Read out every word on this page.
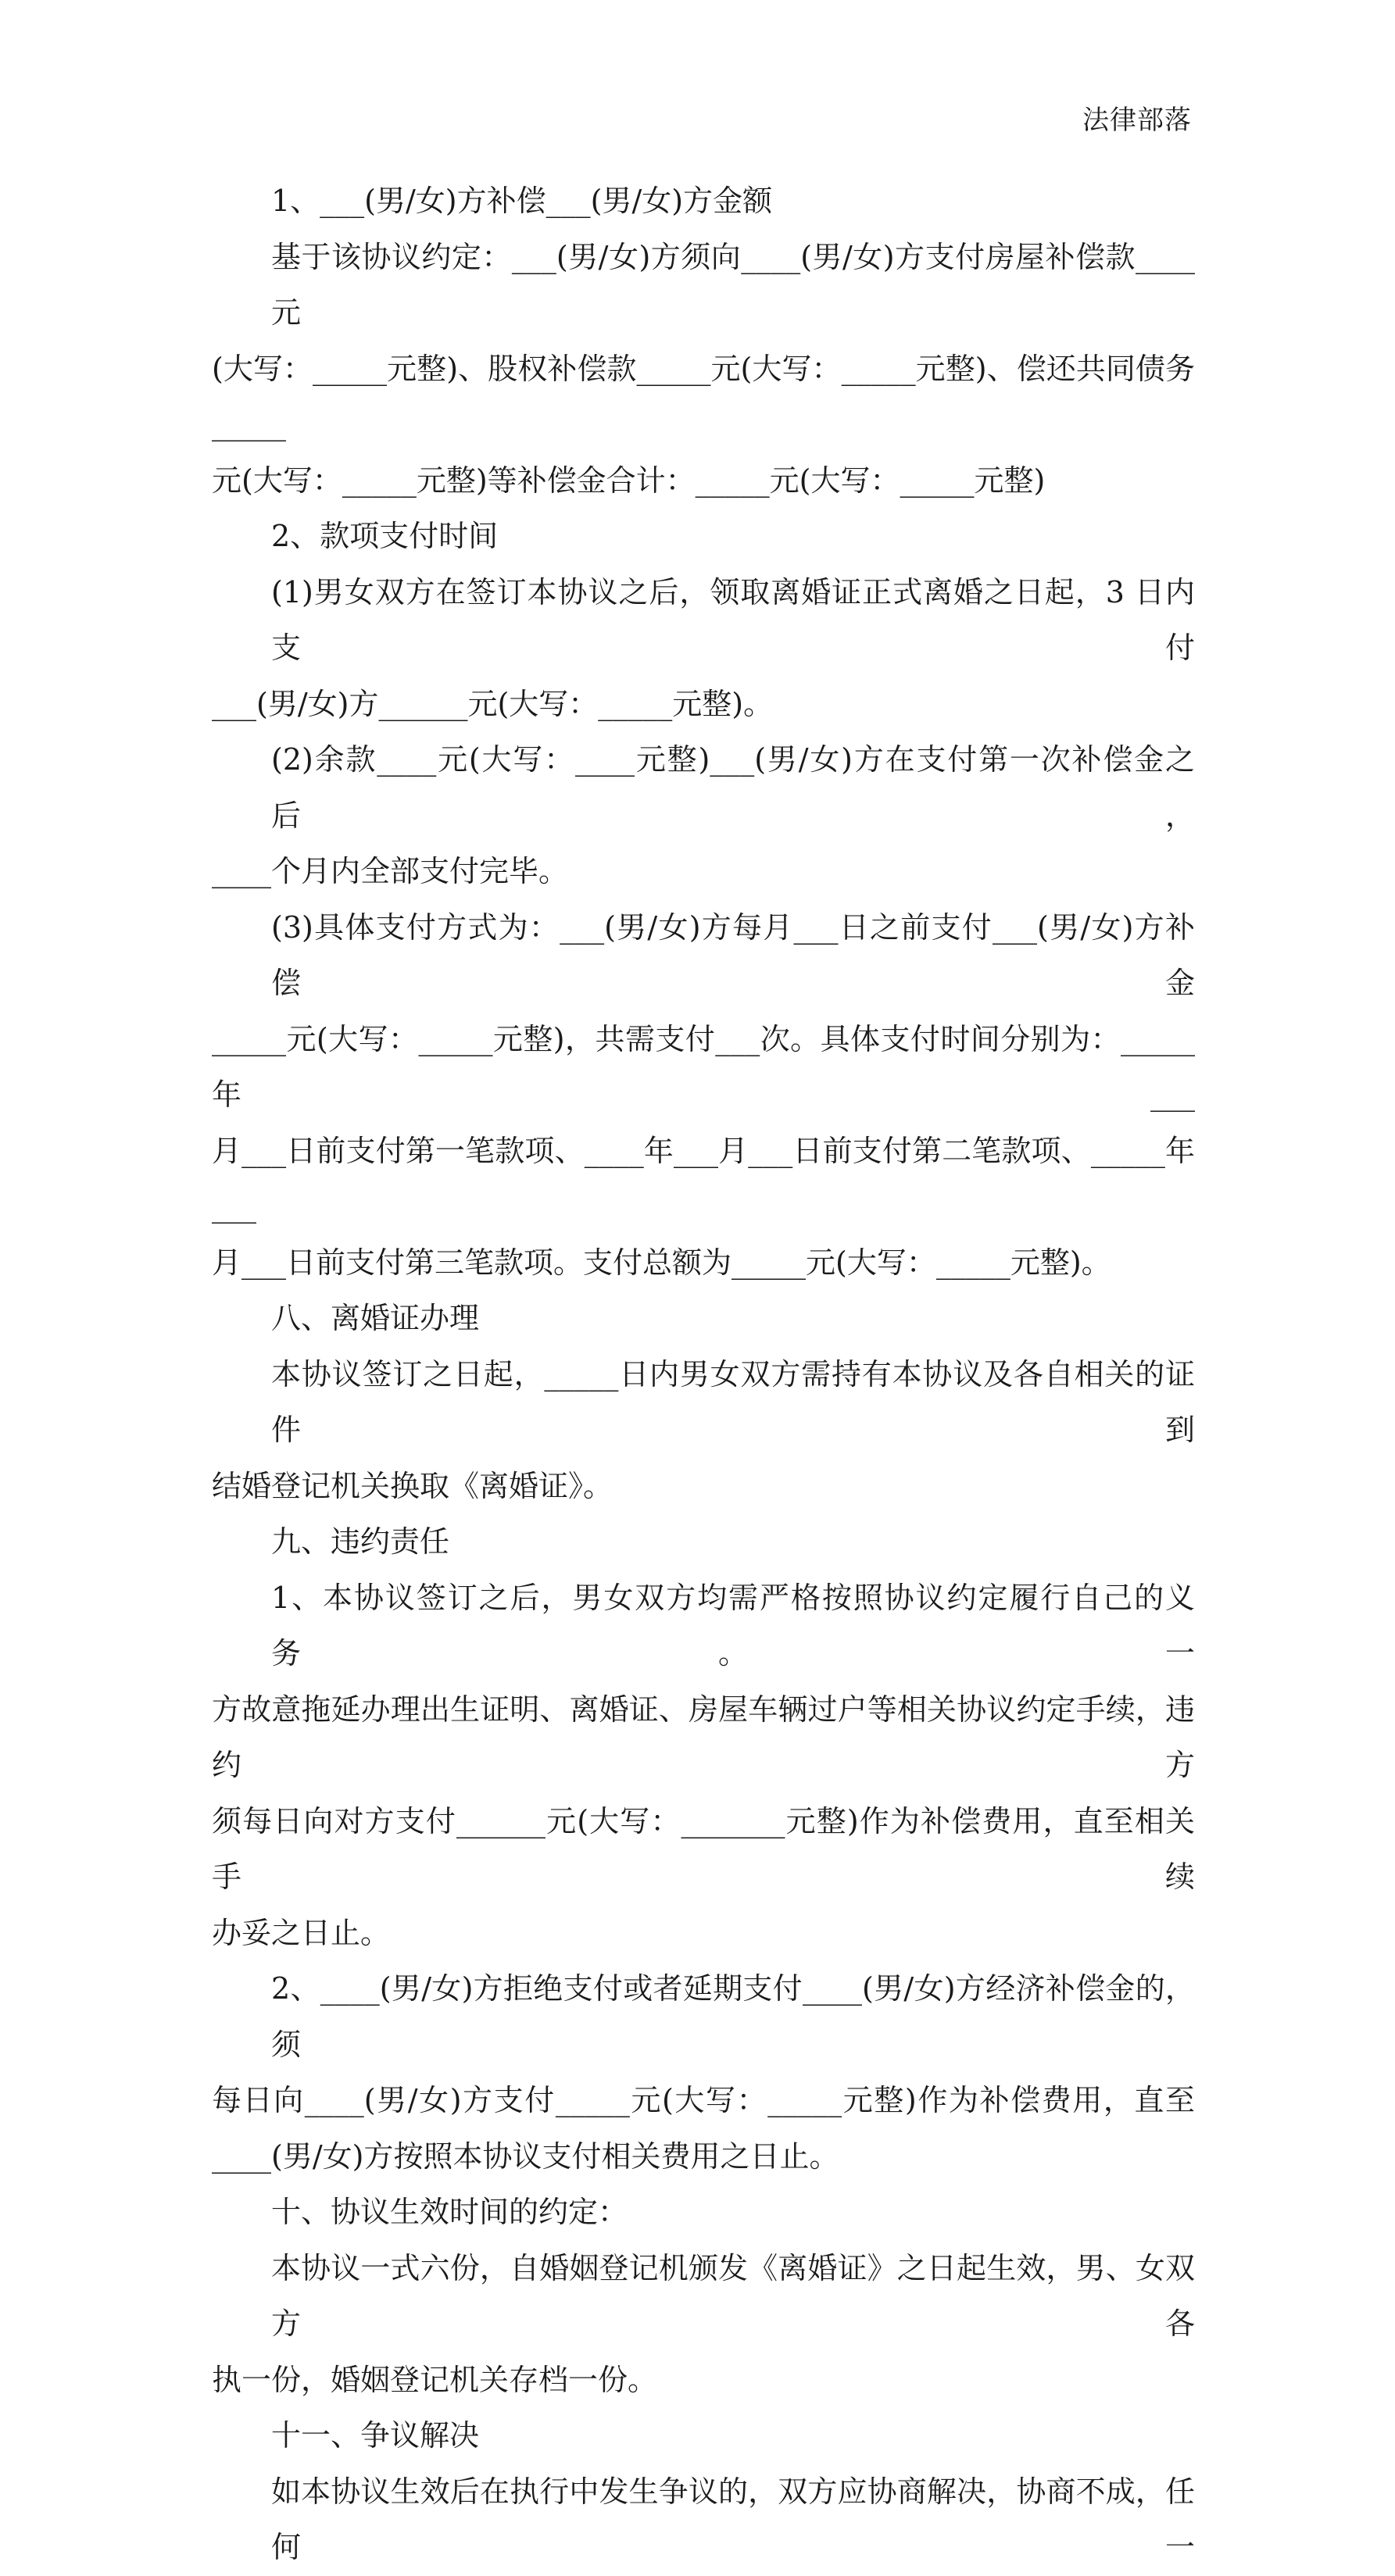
法律部落
1、___(男/女)方补偿___(男/女)方金额
基于该协议约定：___(男/女)方须向____(男/女)方支付房屋补偿款____元
(大写：_____元整)、股权补偿款_____元(大写：_____元整)、偿还共同债务_____
元(大写：_____元整)等补偿金合计：_____元(大写：_____元整)
2、款项支付时间
(1)男女双方在签订本协议之后，领取离婚证正式离婚之日起，3 日内支付
___(男/女)方______元(大写：_____元整)。
(2)余款____元(大写：____元整)___(男/女)方在支付第一次补偿金之后，
____个月内全部支付完毕。
(3)具体支付方式为：___(男/女)方每月___日之前支付___(男/女)方补偿金
_____元(大写：_____元整)，共需支付___次。具体支付时间分别为：_____年___
月___日前支付第一笔款项、____年___月___日前支付第二笔款项、_____年___
月___日前支付第三笔款项。支付总额为_____元(大写：_____元整)。
八、离婚证办理
本协议签订之日起，_____日内男女双方需持有本协议及各自相关的证件到
结婚登记机关换取《离婚证》。
九、违约责任
1、本协议签订之后，男女双方均需严格按照协议约定履行自己的义务。一
方故意拖延办理出生证明、离婚证、房屋车辆过户等相关协议约定手续，违约方
须每日向对方支付______元(大写：_______元整)作为补偿费用，直至相关手续
办妥之日止。
2、____(男/女)方拒绝支付或者延期支付____(男/女)方经济补偿金的，须
每日向____(男/女)方支付_____元(大写：_____元整)作为补偿费用，直至
____(男/女)方按照本协议支付相关费用之日止。
十、协议生效时间的约定：
本协议一式六份，自婚姻登记机颁发《离婚证》之日起生效，男、女双方各
执一份，婚姻登记机关存档一份。
十一、争议解决
如本协议生效后在执行中发生争议的，双方应协商解决，协商不成，任何一
